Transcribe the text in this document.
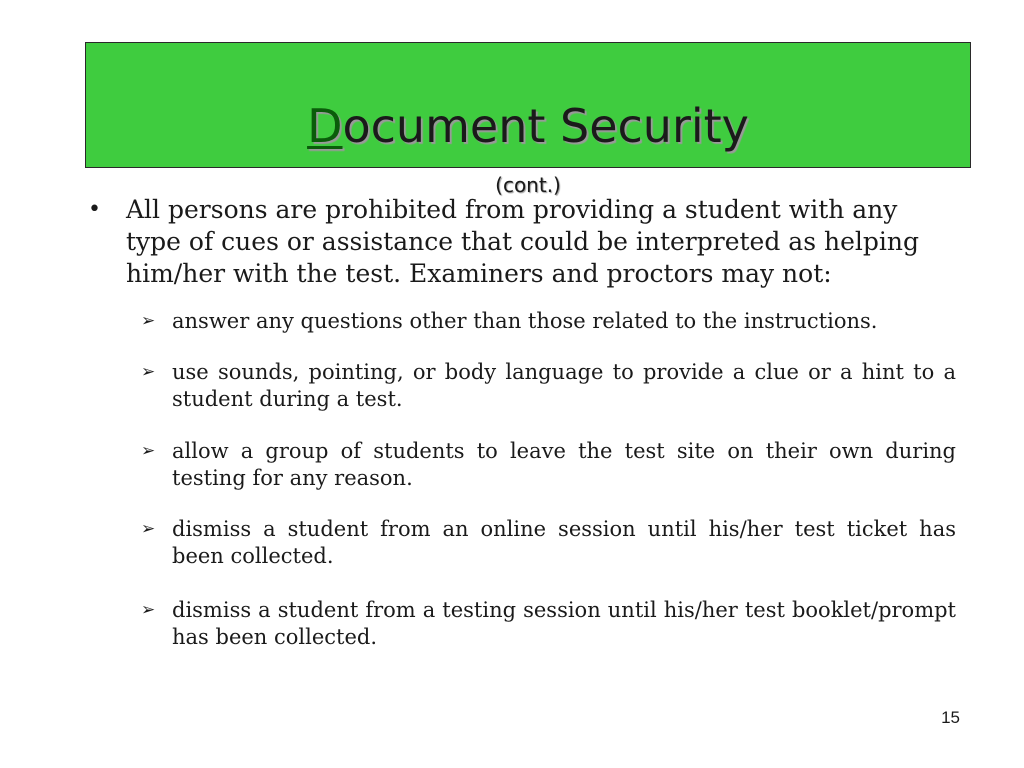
Document Security
(cont.)
• All persons are prohibited from providing a student with any type of cues or assistance that could be interpreted as helping him/her with the test. Examiners and proctors may not:
➢ answer any questions other than those related to the instructions.
➢ use sounds, pointing, or body language to provide a clue or a hint to a student during a test.
➢ allow a group of students to leave the test site on their own during testing for any reason.
➢ dismiss a student from an online session until his/her test ticket has been collected.
➢ dismiss a student from a testing session until his/her test booklet/prompt has been collected.
15
